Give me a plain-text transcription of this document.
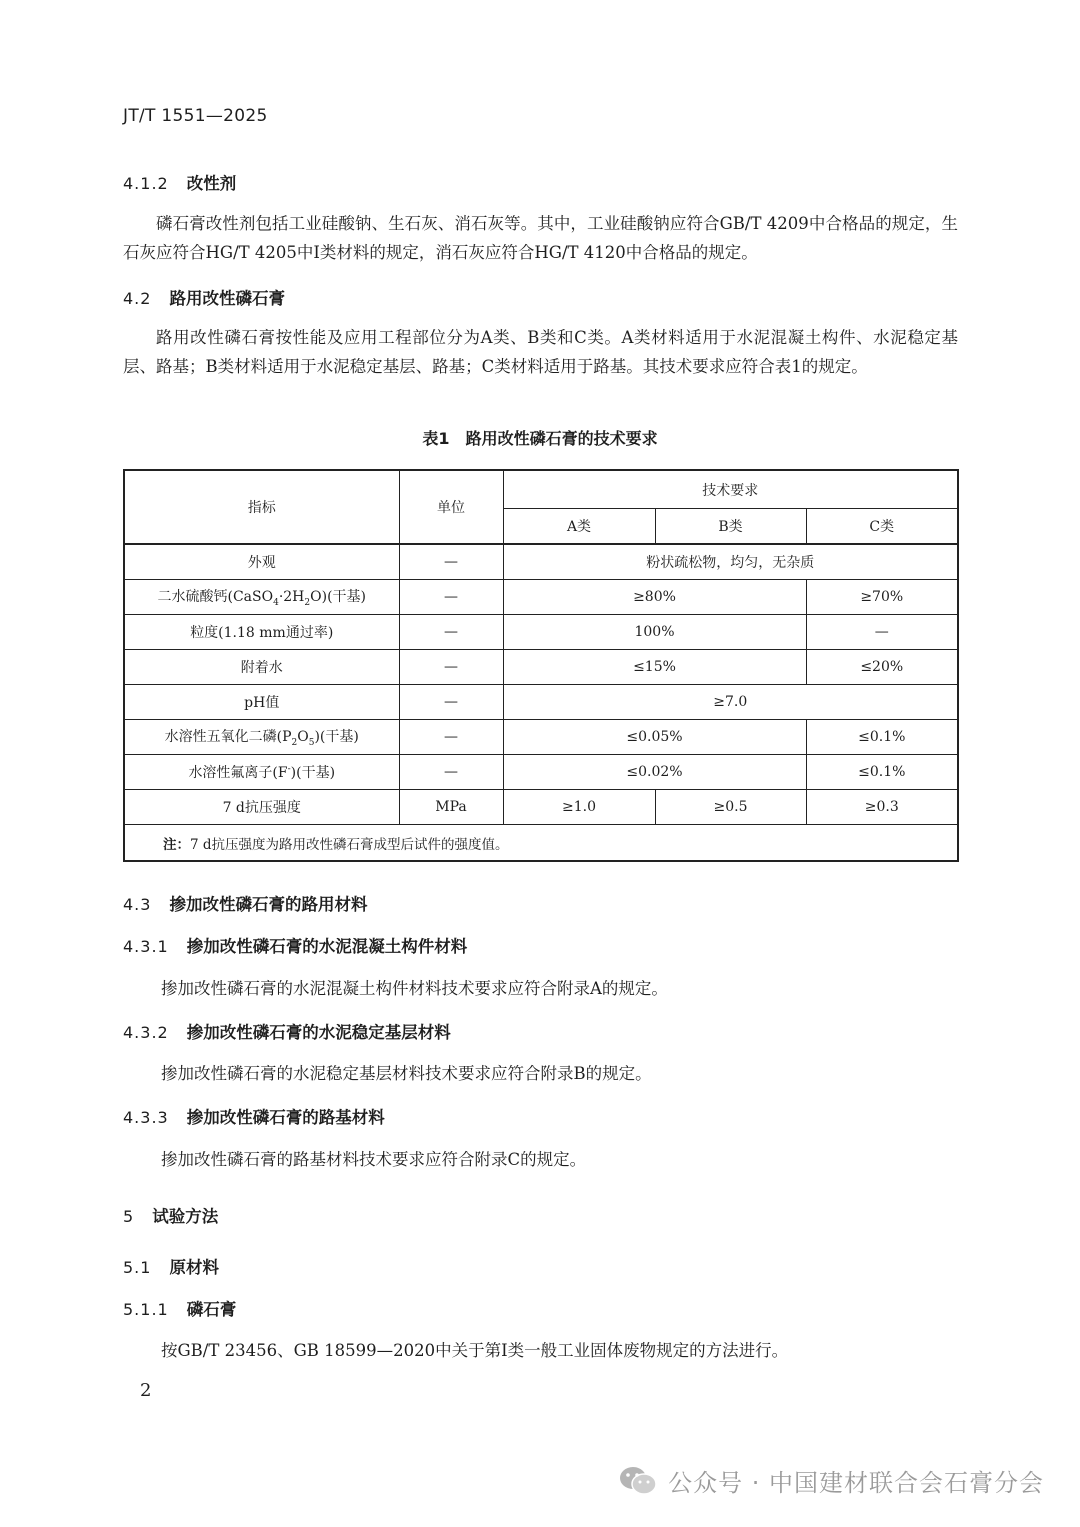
JT/T 1551—2025
4.1.2 改性剂
磷石膏改性剂包括工业硅酸钠、生石灰、消石灰等。其中，工业硅酸钠应符合GB/T 4209中合格品的规定，生石灰应符合HG/T 4205中Ⅰ类材料的规定，消石灰应符合HG/T 4120中合格品的规定。
4.2 路用改性磷石膏
路用改性磷石膏按性能及应用工程部位分为A类、B类和C类。A类材料适用于水泥混凝土构件、水泥稳定基层、路基；B类材料适用于水泥稳定基层、路基；C类材料适用于路基。其技术要求应符合表1的规定。
表1 路用改性磷石膏的技术要求
指标	单位	技术要求		
		A类	B类	C类
外观	—	粉状疏松物，均匀，无杂质		
二水硫酸钙$(CaSO_4\cdot 2H_2O)$(干基)	—	≥80%		≥70%
粒度(1.18 mm通过率)	—	100%		—
附着水	—	≤15%		≤20%
pH值	—	≥7.0		
水溶性五氧化二磷$(P_2O_5)$(干基)	—	≤0.05%		≤0.1%
水溶性氟离子(F-)(干基)	—	≤0.02%		≤0.1%
7 d抗压强度	MPa	≥1.0	≥0.5	≥0.3
注：7 d抗压强度为路用改性磷石膏成型后试件的强度值。				
4.3 掺加改性磷石膏的路用材料
4.3.1 掺加改性磷石膏的水泥混凝土构件材料
掺加改性磷石膏的水泥混凝土构件材料技术要求应符合附录A的规定。
4.3.2 掺加改性磷石膏的水泥稳定基层材料
掺加改性磷石膏的水泥稳定基层材料技术要求应符合附录B的规定。
4.3.3 掺加改性磷石膏的路基材料
掺加改性磷石膏的路基材料技术要求应符合附录C的规定。
5 试验方法
5.1 原材料
5.1.1 磷石膏
按GB/T 23456、GB 18599—2020中关于第Ⅰ类一般工业固体废物规定的方法进行。
2
公众号 · 中国建材联合会石膏分会
